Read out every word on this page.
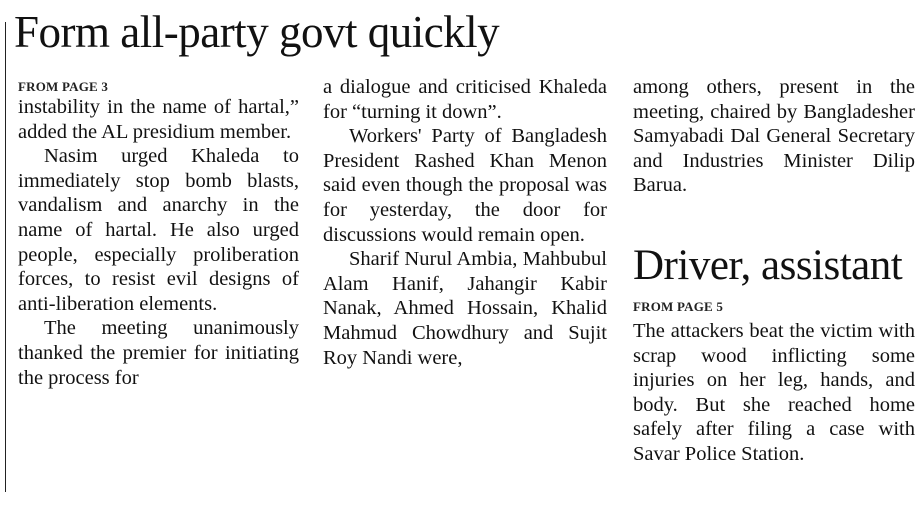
Form all-party govt quickly
FROM PAGE 3

instability in the name of hartal,” added the AL presidium member.

Nasim urged Khaleda to immediately stop bomb blasts, vandalism and anarchy in the name of hartal. He also urged people, especially proliberation forces, to resist evil designs of anti-liberation elements.

The meeting unanimously thanked the premier for initiating the process for

a dialogue and criticised Khaleda for “turning it down”.

Workers' Party of Bangladesh President Rashed Khan Menon said even though the proposal was for yesterday, the door for discussions would remain open.

Sharif Nurul Ambia, Mahbubul Alam Hanif, Jahangir Kabir Nanak, Ahmed Hossain, Khalid Mahmud Chowdhury and Sujit Roy Nandi were,

among others, present in the meeting, chaired by Bangladesher Samyabadi Dal General Secretary and Industries Minister Dilip Barua.

Driver, assistant
FROM PAGE 5

The attackers beat the victim with scrap wood inflicting some injuries on her leg, hands, and body. But she reached home safely after filing a case with Savar Police Station.
